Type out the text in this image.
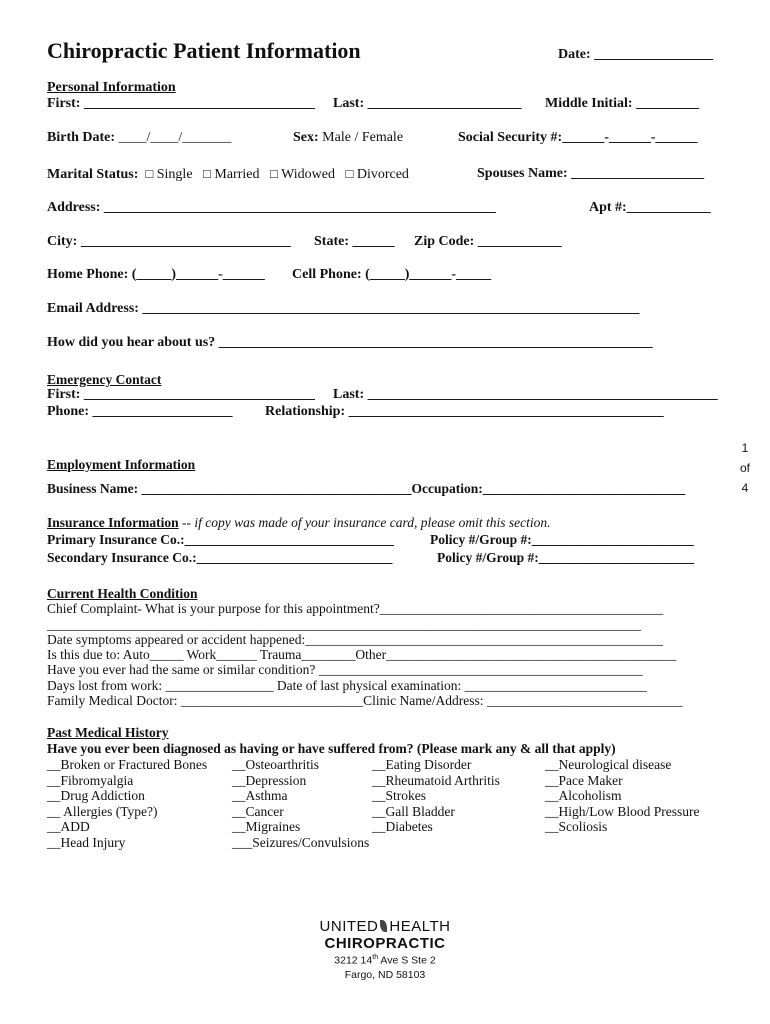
Chiropractic Patient Information	Date: _________________
Personal Information
First: _________________________________ Last: ______________________ Middle Initial: _________
Birth Date: ____/____/_______	Sex: Male / Female	Social Security #:______-______-______
Marital Status: □ Single □ Married □ Widowed □ Divorced	Spouses Name: ___________________
Address: ________________________________________________________	Apt #:____________
City: ______________________________ State: ______ Zip Code: ____________
Home Phone: (_____)______-______ Cell Phone: (_____)______-_____
Email Address: _______________________________________________________________________
How did you hear about us? ______________________________________________________________
Emergency Contact
First: _________________________________ Last: __________________________________________________
Phone: ____________________ Relationship: _____________________________________________
1
of
4
Employment Information
Business Name: ________________________________________Occupation:______________________________
Insurance Information -- if copy was made of your insurance card, please omit this section.
Primary Insurance Co.:_______________________________	Policy #/Group #:________________________
Secondary Insurance Co.:_____________________________	Policy #/Group #:_______________________
Current Health Condition
Chief Complaint- What is your purpose for this appointment?__________________________________________
________________________________________________________________________________________
Date symptoms appeared or accident happened:_____________________________________________________
Is this due to: Auto_____ Work______ Trauma________Other___________________________________________
Have you ever had the same or similar condition? ________________________________________________
Days lost from work: ________________ Date of last physical examination: ___________________________
Family Medical Doctor: ___________________________Clinic Name/Address: _____________________________
Past Medical History
Have you ever been diagnosed as having or have suffered from? (Please mark any & all that apply)
__Broken or Fractured Bones
__Fibromyalgia
__Drug Addiction
__ Allergies (Type?)
__ADD
__Head Injury
__Osteoarthritis
__Depression
__Asthma
__Cancer
__Migraines
___Seizures/Convulsions
__Eating Disorder
__Rheumatoid Arthritis
__Strokes
__Gall Bladder
__Diabetes
__Neurological disease
__Pace Maker
__Alcoholism
__High/Low Blood Pressure
__Scoliosis
UNITED HEALTH
CHIROPRACTIC
3212 14th Ave S Ste 2
Fargo, ND 58103
